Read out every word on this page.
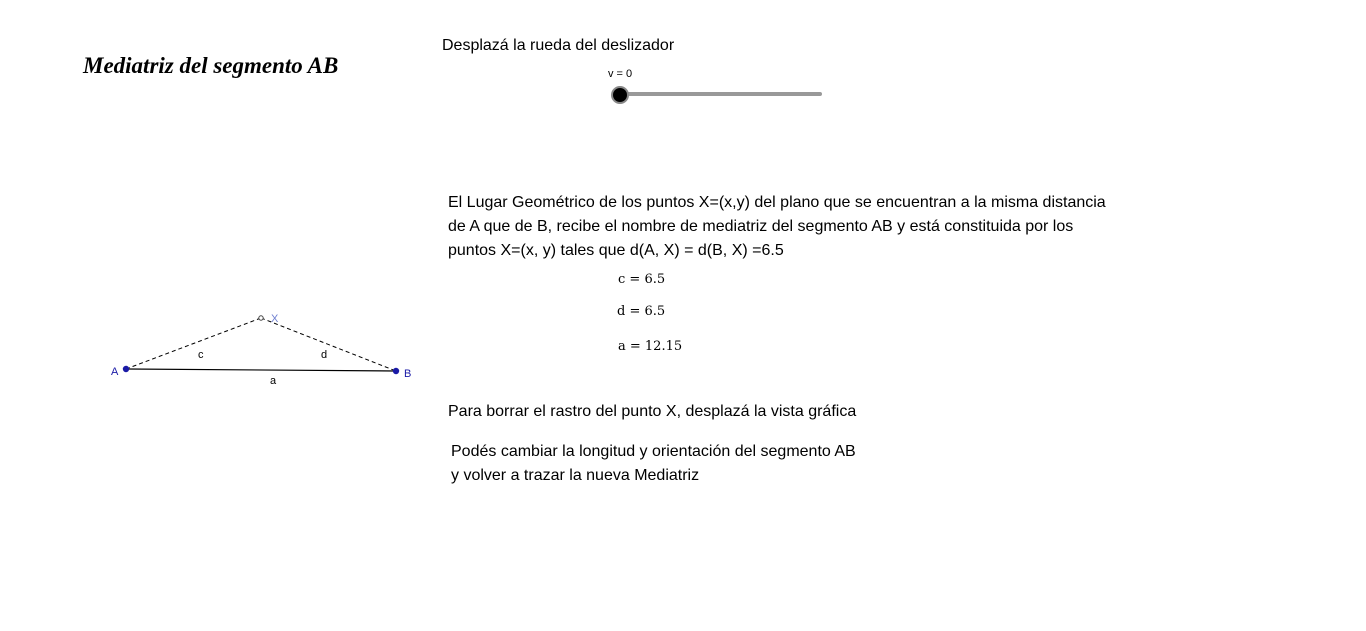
Mediatriz del segmento AB
Desplazá la rueda del deslizador
v = 0
El Lugar Geométrico de los puntos X=(x,y) del plano que se encuentran a la misma distancia
de A que de B, recibe el nombre de mediatriz del segmento AB y está constituida por los
puntos X=(x, y) tales que d(A, X) = d(B, X) =6.5
c = 6.5
d = 6.5
a = 12.15
Para borrar el rastro del punto X, desplazá la vista gráfica
Podés cambiar la longitud y orientación del segmento AB
y volver a trazar la nueva Mediatriz
A	B
X
c	d
a
